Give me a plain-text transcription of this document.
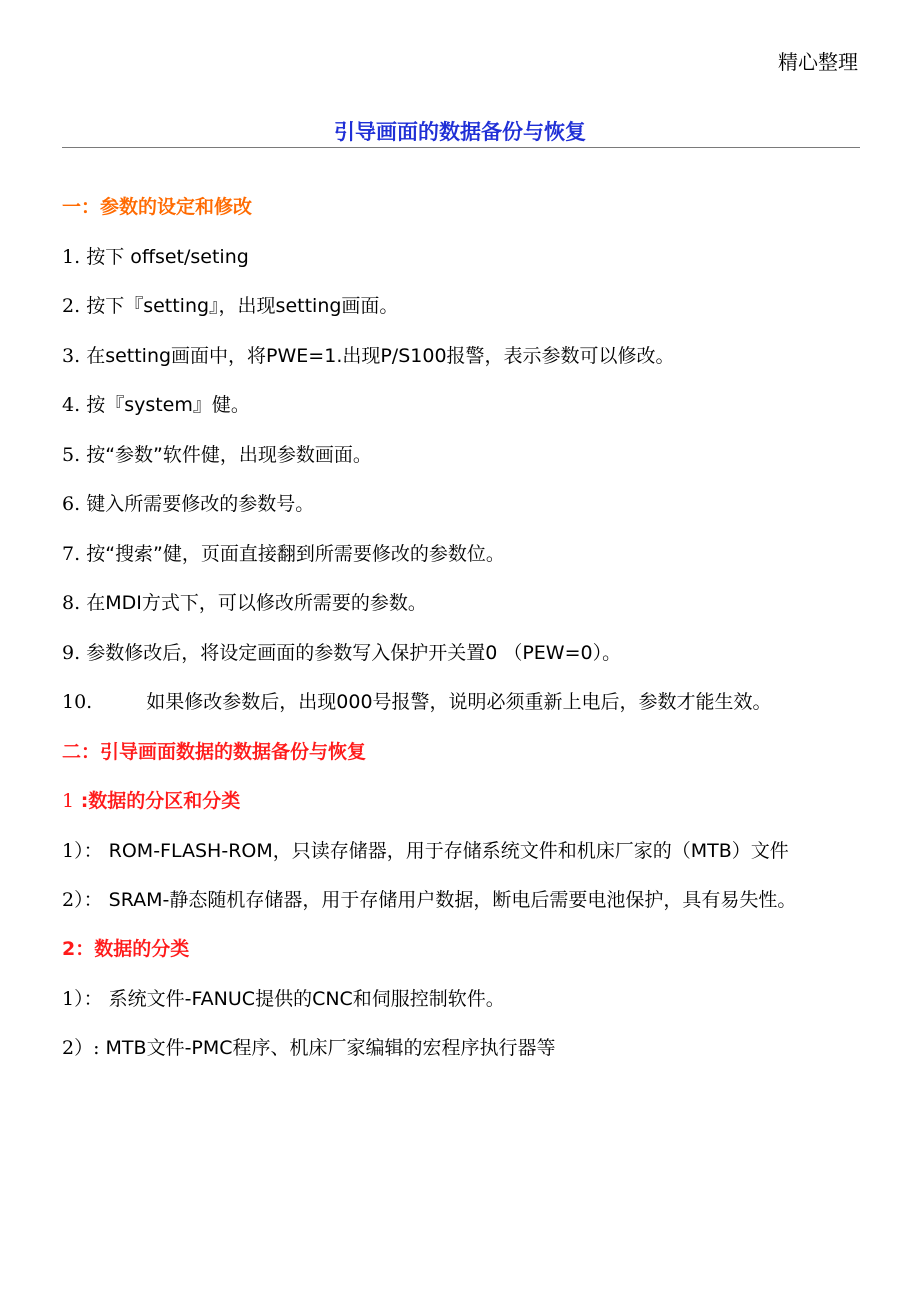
精心整理
引导画面的数据备份与恢复
一：参数的设定和修改
1. 按下 offset/seting
2. 按下『setting』，出现setting画面。
3. 在setting画面中，将PWE=1.出现P/S100报警，表示参数可以修改。
4. 按『system』健。
5. 按“参数”软件健，出现参数画面。
6. 键入所需要修改的参数号。
7. 按“搜索”健，页面直接翻到所需要修改的参数位。
8. 在MDI方式下，可以修改所需要的参数。
9. 参数修改后，将设定画面的参数写入保护开关置0 （PEW=0）。
10.	如果修改参数后，出现000号报警，说明必须重新上电后，参数才能生效。
二：引导画面数据的数据备份与恢复
1 :数据的分区和分类
1）： ROM-FLASH-ROM，只读存储器，用于存储系统文件和机床厂家的（MTB）文件
2）： SRAM-静态随机存储器，用于存储用户数据，断电后需要电池保护，具有易失性。
2：数据的分类
1）： 系统文件-FANUC提供的CNC和伺服控制软件。
2）: MTB文件-PMC程序、机床厂家编辑的宏程序执行器等
